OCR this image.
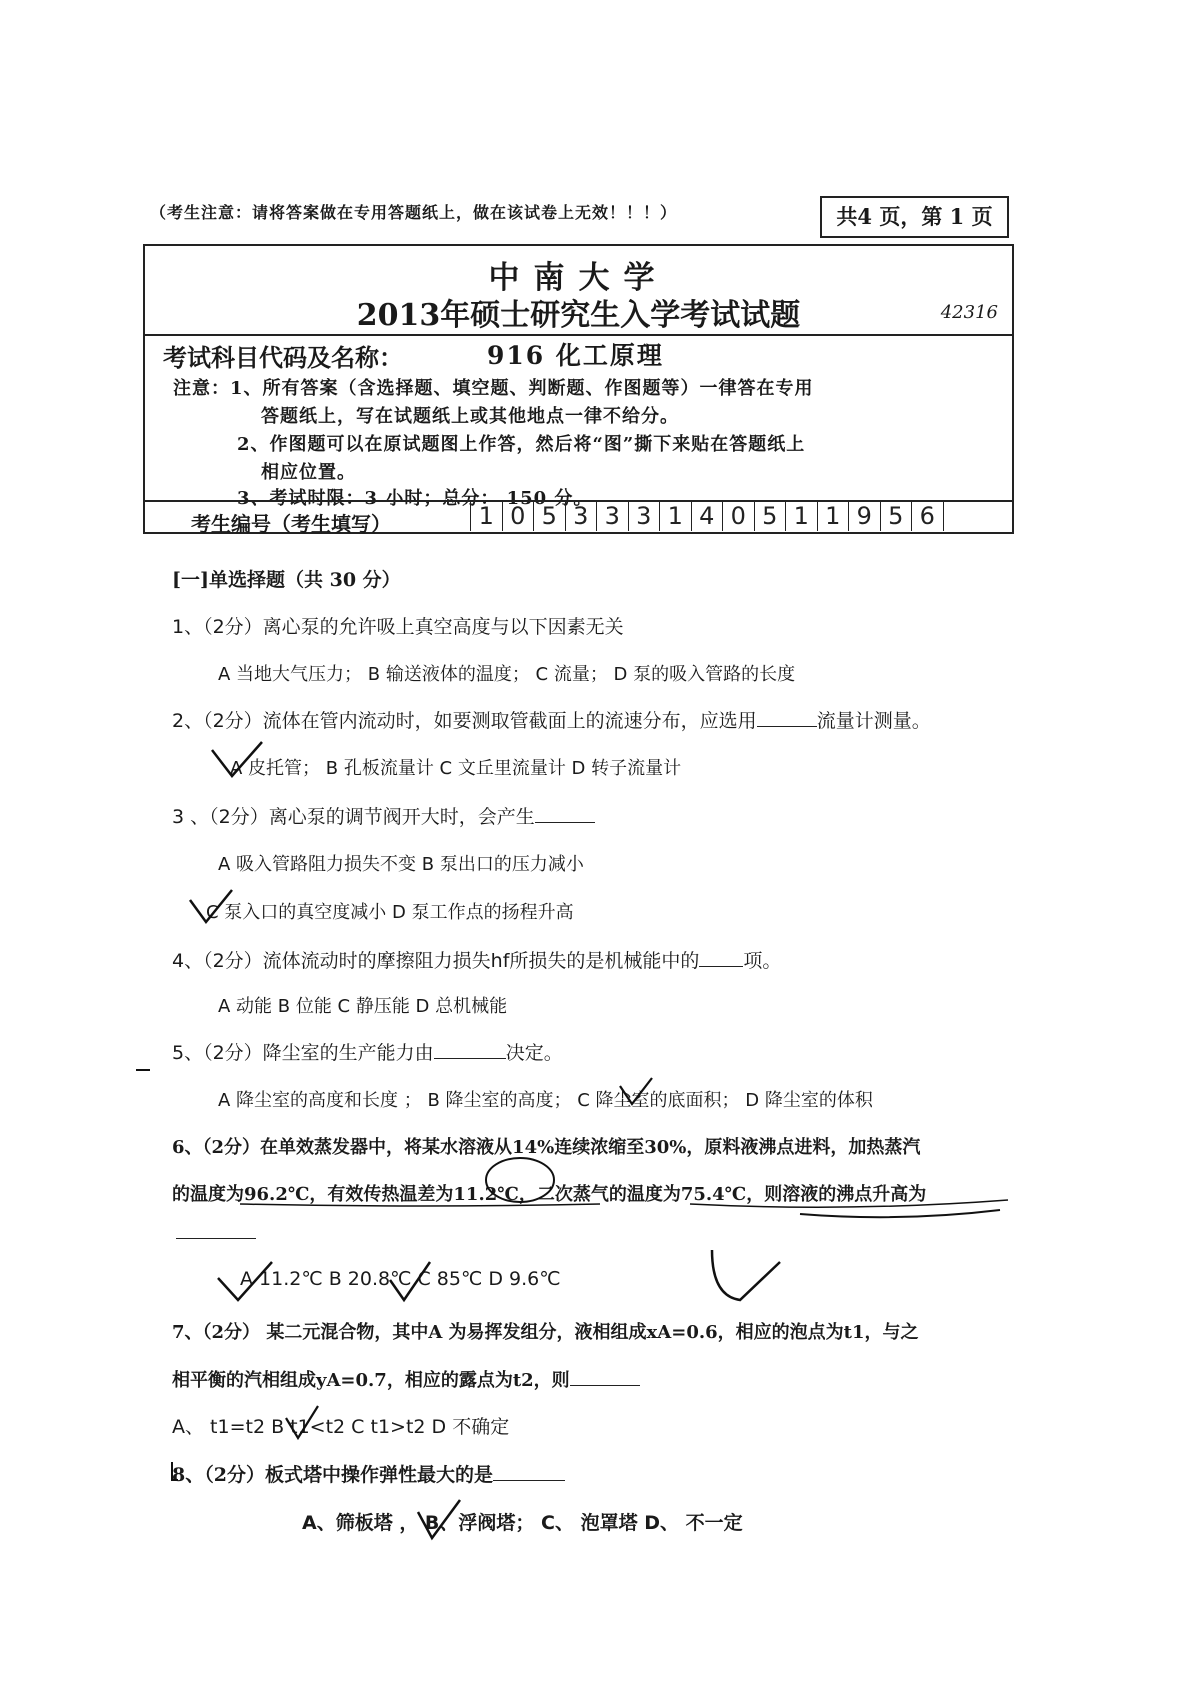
（考生注意：请将答案做在专用答题纸上，做在该试卷上无效！！！）	共4 页，第 1 页
中南大学
2013年硕士研究生入学考试试题	42316
考试科目代码及名称：	916 化工原理
注意：1、所有答案（含选择题、填空题、判断题、作图题等）一律答在专用
答题纸上，写在试题纸上或其他地点一律不给分。
2、作图题可以在原试题图上作答，然后将“图”撕下来贴在答题纸上
相应位置。
3、考试时限：3 小时；总分： 150 分。
考生编号（考生填写）	1 0 5 3 3 3 1 4 0 5 1 1 9 5 6
[一]单选择题（共 30 分）
1、（2分）离心泵的允许吸上真空高度与以下因素无关
A 当地大气压力； B 输送液体的温度； C 流量； D 泵的吸入管路的长度
2、（2分）流体在管内流动时，如要测取管截面上的流速分布，应选用	流量计测量。
A 皮托管； B 孔板流量计 C 文丘里流量计 D 转子流量计
3 、（2分）离心泵的调节阀开大时，会产生
A 吸入管路阻力损失不变 B 泵出口的压力减小
C 泵入口的真空度减小 D 泵工作点的扬程升高
4、（2分）流体流动时的摩擦阻力损失hf所损失的是机械能中的 项。
A 动能 B 位能 C 静压能 D 总机械能
5、（2分）降尘室的生产能力由	决定。
A 降尘室的高度和长度 ； B 降尘室的高度； C 降尘室的底面积； D 降尘室的体积
6、（2分）在单效蒸发器中，将某水溶液从14%连续浓缩至30%，原料液沸点进料，加热蒸汽
的温度为96.2℃，有效传热温差为11.2℃，二次蒸气的温度为75.4℃，则溶液的沸点升高为
A 11.2℃ B 20.8℃ C 85℃ D 9.6℃
7、（2分） 某二元混合物，其中A 为易挥发组分，液相组成xA=0.6，相应的泡点为t1，与之
相平衡的汽相组成yA=0.7，相应的露点为t2，则
A、 t1=t2 B t1<t2 C t1>t2 D 不确定
8、（2分）板式塔中操作弹性最大的是
A、筛板塔 ， B、浮阀塔； C、 泡罩塔 D、 不一定
